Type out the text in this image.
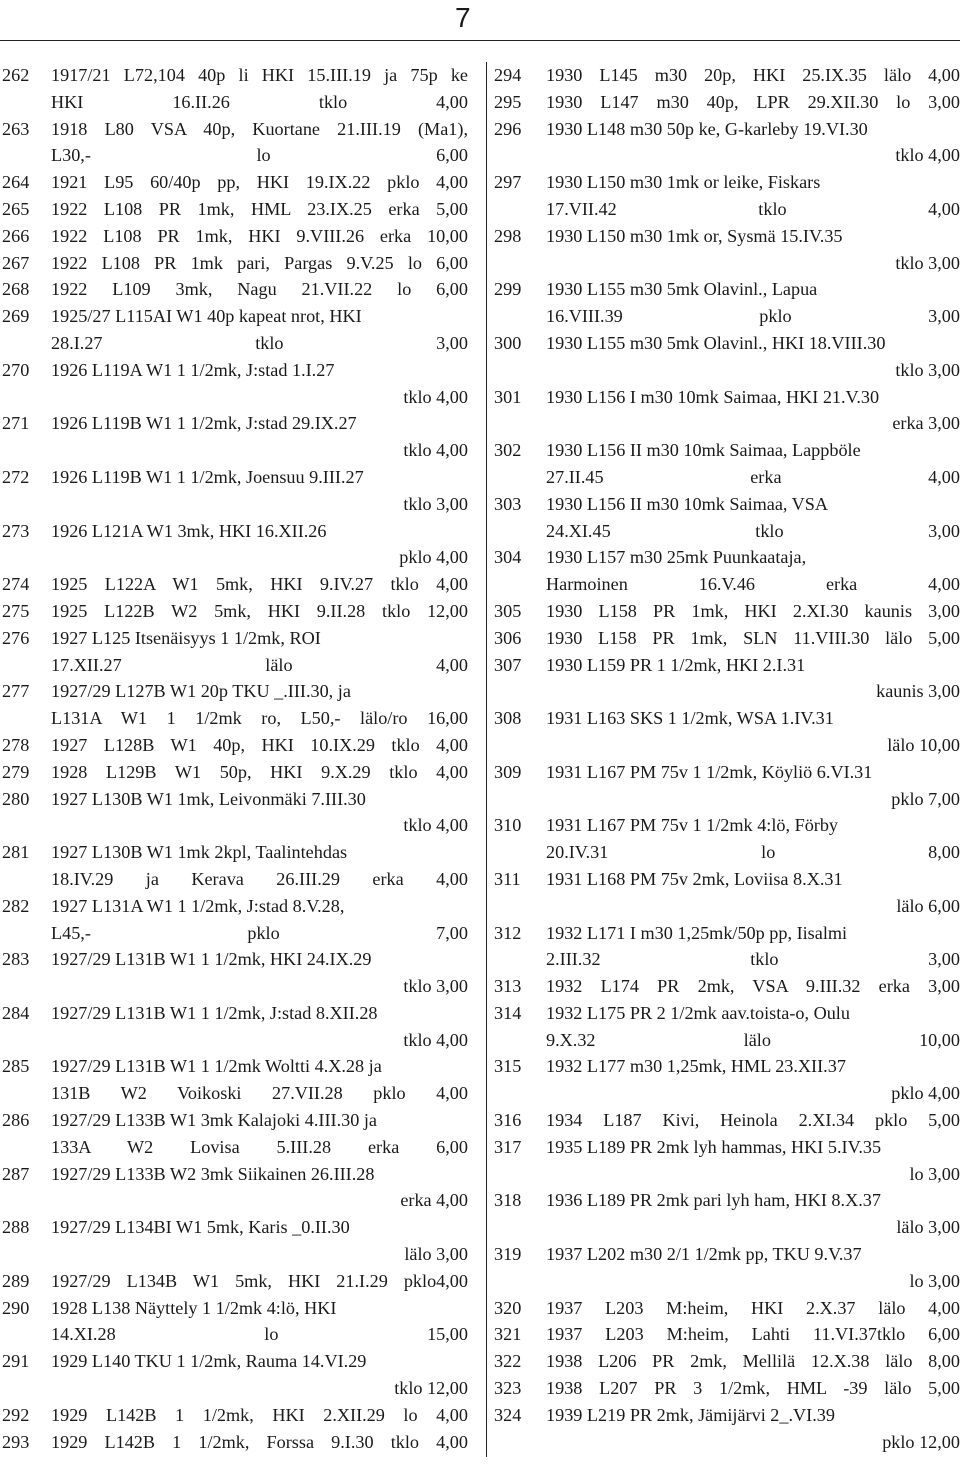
7
262 1917/21 L72,104 40p li HKI 15.III.19 ja 75p ke
HKI 16.II.26 tklo 4,00
263 1918 L80 VSA 40p, Kuortane 21.III.19 (Ma1),
L30,- lo 6,00
264 1921 L95 60/40p pp, HKI 19.IX.22 pklo 4,00
265 1922 L108 PR 1mk, HML 23.IX.25 erka 5,00
266 1922 L108 PR 1mk, HKI 9.VIII.26 erka 10,00
267 1922 L108 PR 1mk pari, Pargas 9.V.25 lo 6,00
268 1922 L109 3mk, Nagu 21.VII.22 lo 6,00
269 1925/27 L115AI W1 40p kapeat nrot, HKI
28.I.27 tklo 3,00
270 1926 L119A W1 1 1/2mk, J:stad 1.I.27
tklo 4,00
271 1926 L119B W1 1 1/2mk, J:stad 29.IX.27
tklo 4,00
272 1926 L119B W1 1 1/2mk, Joensuu 9.III.27
tklo 3,00
273 1926 L121A W1 3mk, HKI 16.XII.26
pklo 4,00
274 1925 L122A W1 5mk, HKI 9.IV.27 tklo 4,00
275 1925 L122B W2 5mk, HKI 9.II.28 tklo 12,00
276 1927 L125 Itsenäisyys 1 1/2mk, ROI
17.XII.27 lälo 4,00
277 1927/29 L127B W1 20p TKU _.III.30, ja
L131A W1 1 1/2mk ro, L50,- lälo/ro 16,00
278 1927 L128B W1 40p, HKI 10.IX.29 tklo 4,00
279 1928 L129B W1 50p, HKI 9.X.29 tklo 4,00
280 1927 L130B W1 1mk, Leivonmäki 7.III.30
tklo 4,00
281 1927 L130B W1 1mk 2kpl, Taalintehdas
18.IV.29 ja Kerava 26.III.29 erka 4,00
282 1927 L131A W1 1 1/2mk, J:stad 8.V.28,
L45,- pklo 7,00
283 1927/29 L131B W1 1 1/2mk, HKI 24.IX.29
tklo 3,00
284 1927/29 L131B W1 1 1/2mk, J:stad 8.XII.28
tklo 4,00
285 1927/29 L131B W1 1 1/2mk Woltti 4.X.28 ja
131B W2 Voikoski 27.VII.28 pklo 4,00
286 1927/29 L133B W1 3mk Kalajoki 4.III.30 ja
133A W2 Lovisa 5.III.28 erka 6,00
287 1927/29 L133B W2 3mk Siikainen 26.III.28
erka 4,00
288 1927/29 L134BI W1 5mk, Karis _0.II.30
lälo 3,00
289 1927/29 L134B W1 5mk, HKI 21.I.29 pklo4,00
290 1928 L138 Näyttely 1 1/2mk 4:lö, HKI
14.XI.28 lo 15,00
291 1929 L140 TKU 1 1/2mk, Rauma 14.VI.29
tklo 12,00
292 1929 L142B 1 1/2mk, HKI 2.XII.29 lo 4,00
293 1929 L142B 1 1/2mk, Forssa 9.I.30 tklo 4,00
294 1930 L145 m30 20p, HKI 25.IX.35 lälo 4,00
295 1930 L147 m30 40p, LPR 29.XII.30 lo 3,00
296 1930 L148 m30 50p ke, G-karleby 19.VI.30
tklo 4,00
297 1930 L150 m30 1mk or leike, Fiskars
17.VII.42 tklo 4,00
298 1930 L150 m30 1mk or, Sysmä 15.IV.35
tklo 3,00
299 1930 L155 m30 5mk Olavinl., Lapua
16.VIII.39 pklo 3,00
300 1930 L155 m30 5mk Olavinl., HKI 18.VIII.30
tklo 3,00
301 1930 L156 I m30 10mk Saimaa, HKI 21.V.30
erka 3,00
302 1930 L156 II m30 10mk Saimaa, Lappböle
27.II.45 erka 4,00
303 1930 L156 II m30 10mk Saimaa, VSA
24.XI.45 tklo 3,00
304 1930 L157 m30 25mk Puunkaataja,
Harmoinen 16.V.46 erka 4,00
305 1930 L158 PR 1mk, HKI 2.XI.30 kaunis 3,00
306 1930 L158 PR 1mk, SLN 11.VIII.30 lälo 5,00
307 1930 L159 PR 1 1/2mk, HKI 2.I.31
kaunis 3,00
308 1931 L163 SKS 1 1/2mk, WSA 1.IV.31
lälo 10,00
309 1931 L167 PM 75v 1 1/2mk, Köyliö 6.VI.31
pklo 7,00
310 1931 L167 PM 75v 1 1/2mk 4:lö, Förby
20.IV.31 lo 8,00
311 1931 L168 PM 75v 2mk, Loviisa 8.X.31
lälo 6,00
312 1932 L171 I m30 1,25mk/50p pp, Iisalmi
2.III.32 tklo 3,00
313 1932 L174 PR 2mk, VSA 9.III.32 erka 3,00
314 1932 L175 PR 2 1/2mk aav.toista-o, Oulu
9.X.32 lälo 10,00
315 1932 L177 m30 1,25mk, HML 23.XII.37
pklo 4,00
316 1934 L187 Kivi, Heinola 2.XI.34 pklo 5,00
317 1935 L189 PR 2mk lyh hammas, HKI 5.IV.35
lo 3,00
318 1936 L189 PR 2mk pari lyh ham, HKI 8.X.37
lälo 3,00
319 1937 L202 m30 2/1 1/2mk pp, TKU 9.V.37
lo 3,00
320 1937 L203 M:heim, HKI 2.X.37 lälo 4,00
321 1937 L203 M:heim, Lahti 11.VI.37tklo 6,00
322 1938 L206 PR 2mk, Mellilä 12.X.38 lälo 8,00
323 1938 L207 PR 3 1/2mk, HML -39 lälo 5,00
324 1939 L219 PR 2mk, Jämijärvi 2_.VI.39
pklo 12,00
